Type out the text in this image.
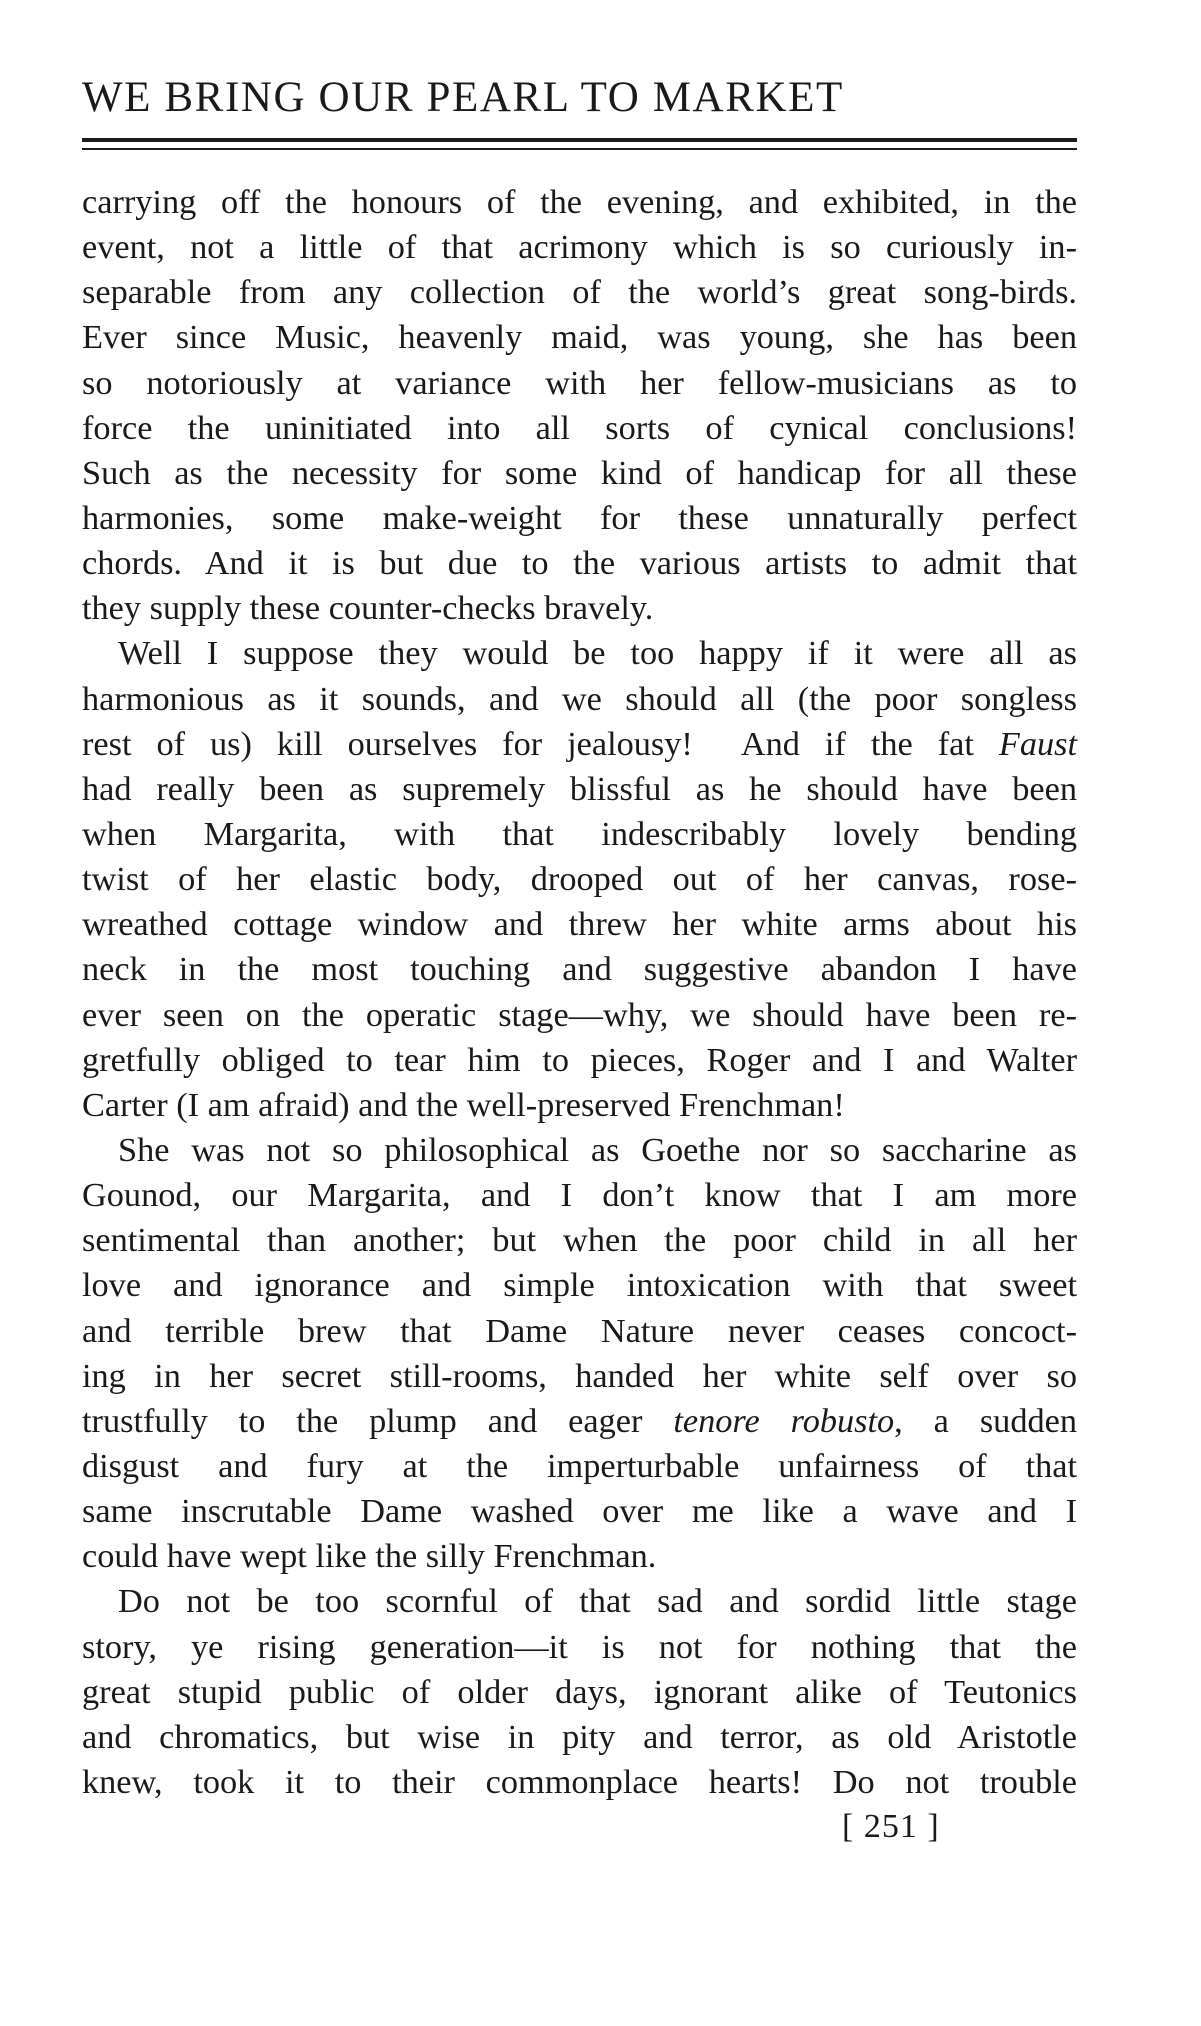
WE BRING OUR PEARL TO MARKET
carrying off the honours of the evening, and exhibited, in the
event, not a little of that acrimony which is so curiously in-
separable from any collection of the world’s great song-birds.
Ever since Music, heavenly maid, was young, she has been
so notoriously at variance with her fellow-musicians as to
force the uninitiated into all sorts of cynical conclusions!
Such as the necessity for some kind of handicap for all these
harmonies, some make-weight for these unnaturally perfect
chords. And it is but due to the various artists to admit that
they supply these counter-checks bravely.
Well I suppose they would be too happy if it were all as
harmonious as it sounds, and we should all (the poor songless
rest of us) kill ourselves for jealousy!  And if the fat Faust
had really been as supremely blissful as he should have been
when Margarita, with that indescribably lovely bending
twist of her elastic body, drooped out of her canvas, rose-
wreathed cottage window and threw her white arms about his
neck in the most touching and suggestive abandon I have
ever seen on the operatic stage—why, we should have been re-
gretfully obliged to tear him to pieces, Roger and I and Walter
Carter (I am afraid) and the well-preserved Frenchman!
She was not so philosophical as Goethe nor so saccharine as
Gounod, our Margarita, and I don’t know that I am more
sentimental than another; but when the poor child in all her
love and ignorance and simple intoxication with that sweet
and terrible brew that Dame Nature never ceases concoct-
ing in her secret still-rooms, handed her white self over so
trustfully to the plump and eager tenore robusto, a sudden
disgust and fury at the imperturbable unfairness of that
same inscrutable Dame washed over me like a wave and I
could have wept like the silly Frenchman.
Do not be too scornful of that sad and sordid little stage
story, ye rising generation—it is not for nothing that the
great stupid public of older days, ignorant alike of Teutonics
and chromatics, but wise in pity and terror, as old Aristotle
knew, took it to their commonplace hearts! Do not trouble
[ 251 ]
